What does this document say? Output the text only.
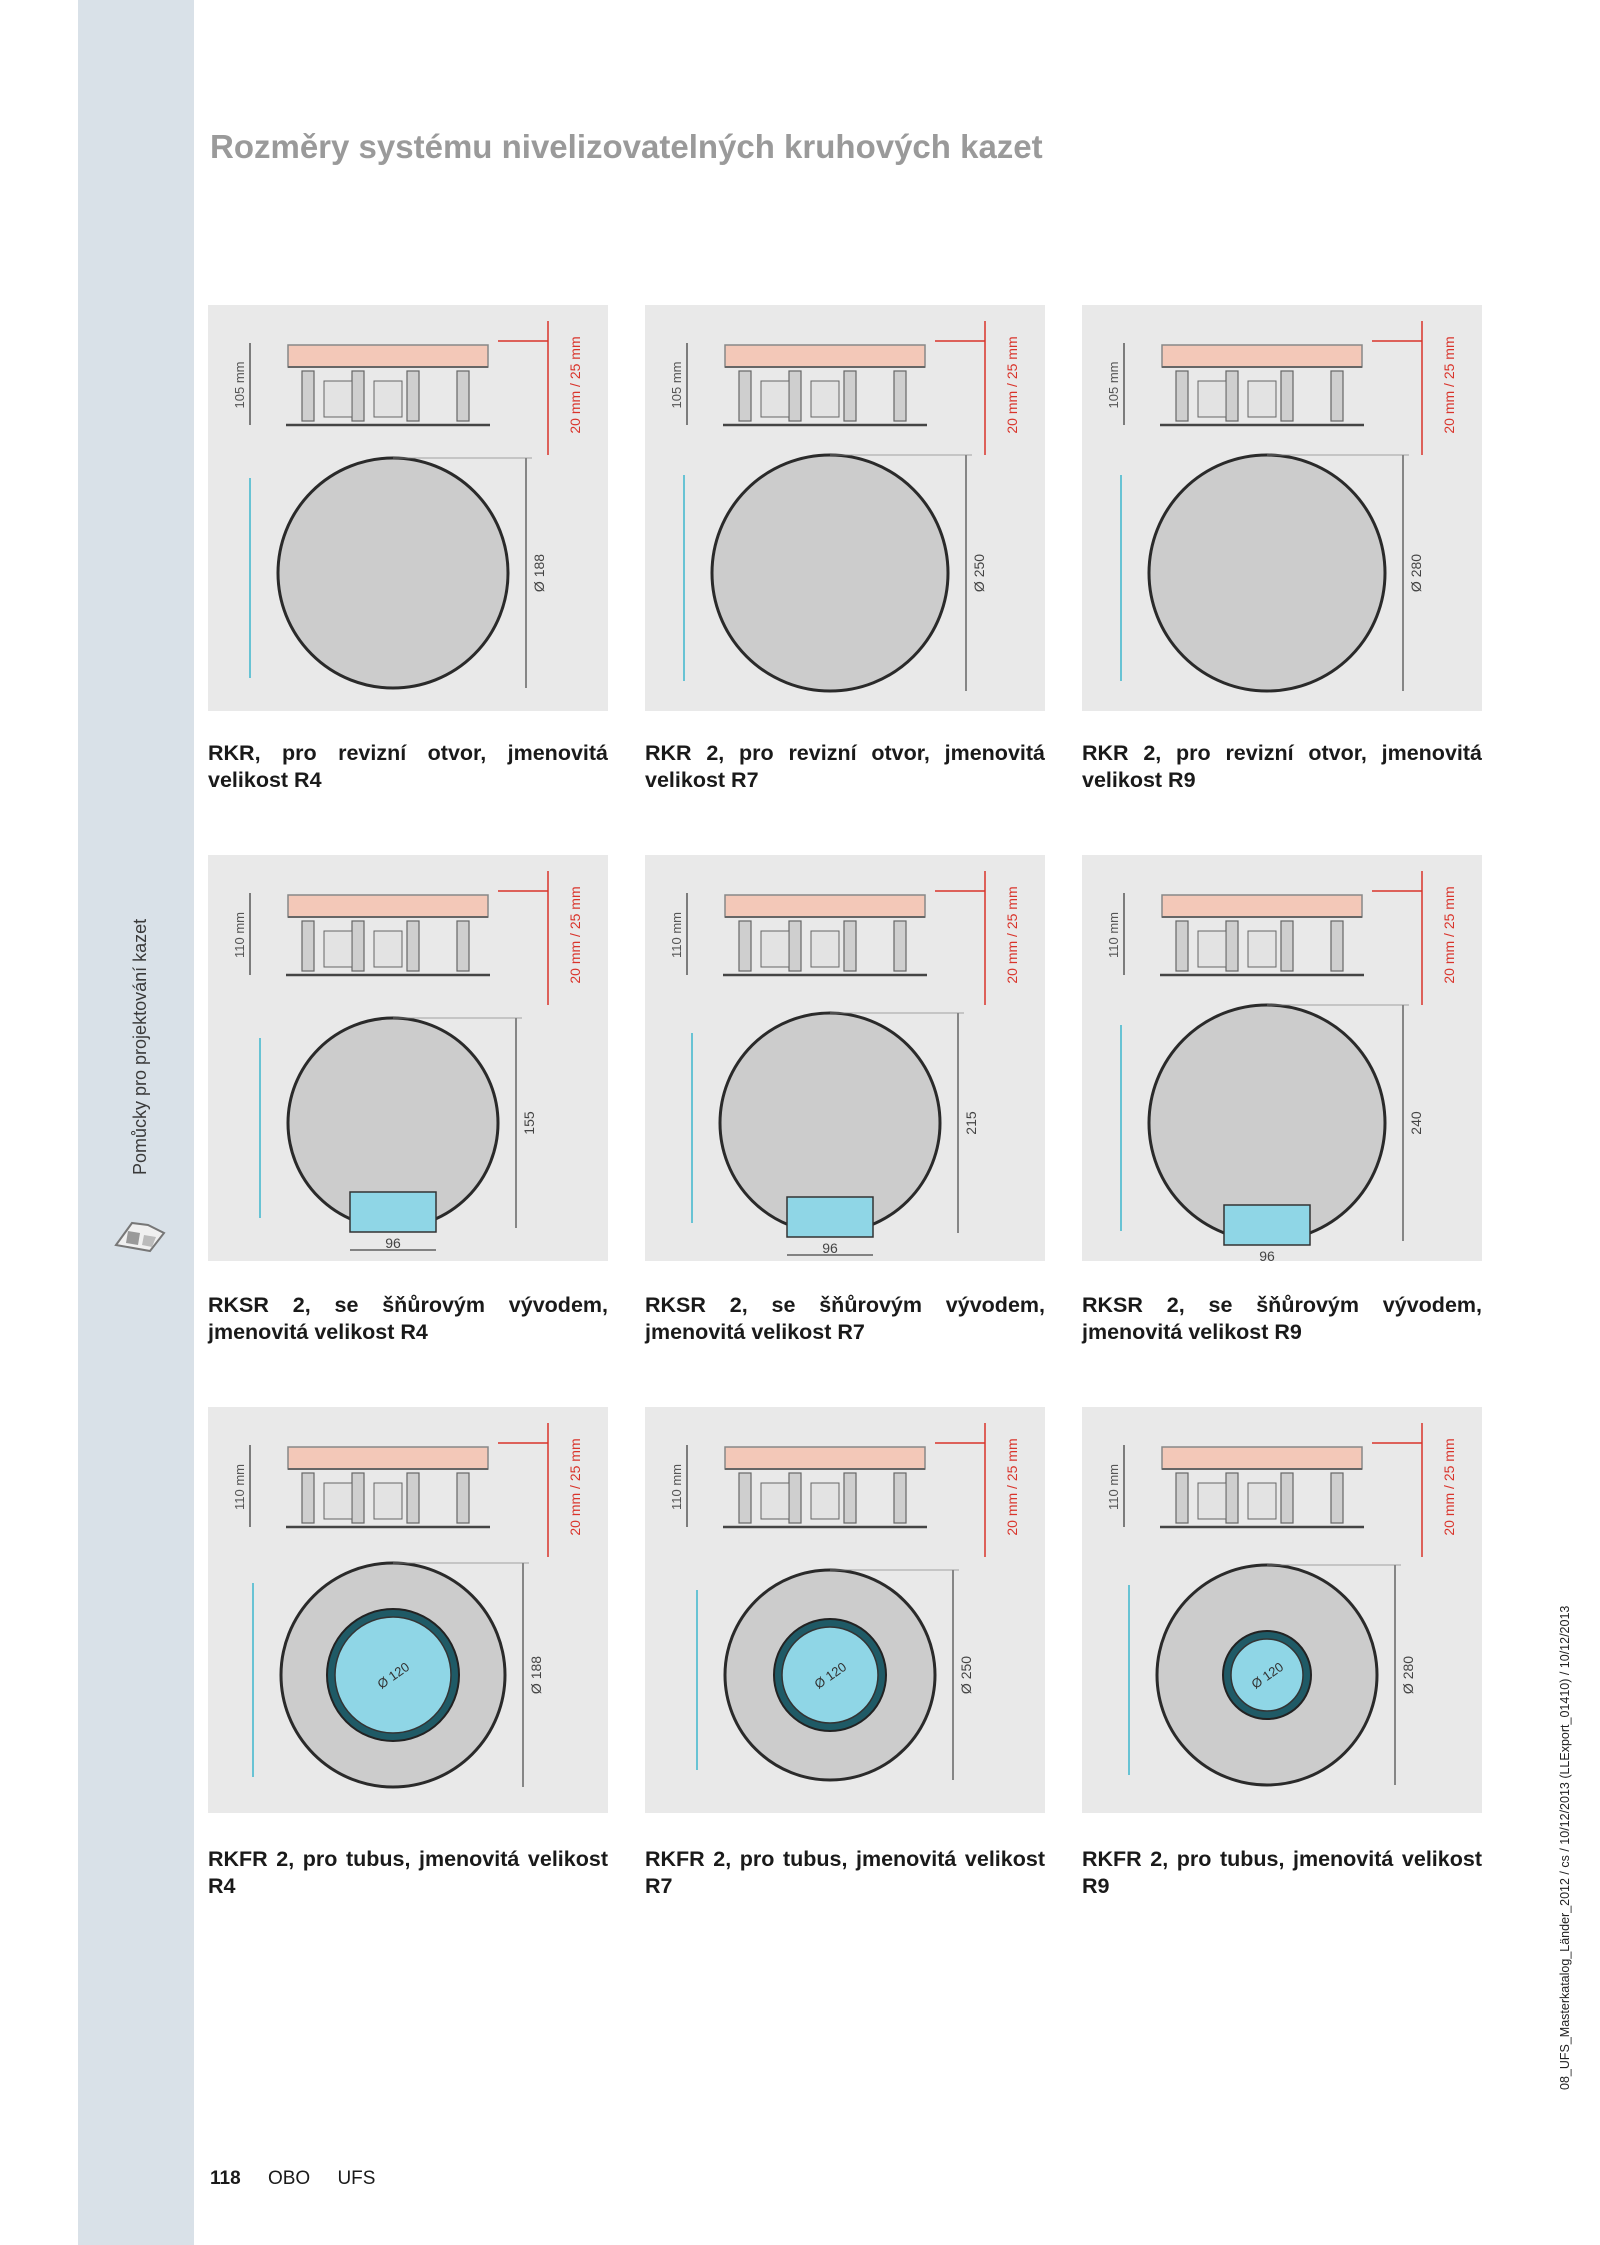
Pomůcky pro projektování kazet
Rozměry systému nivelizovatelných kruhových kazet
105 mm	20 mm / 25 mm
Ø 188
105 mm	20 mm / 25 mm
Ø 250
105 mm	20 mm / 25 mm
Ø 280

RKR, pro revizní otvor, jmenovitá velikost R4

RKR 2, pro revizní otvor, jmenovitá velikost R7

RKR 2, pro revizní otvor, jmenovitá velikost R9

110 mm	20 mm / 25 mm
155
96
110 mm	20 mm / 25 mm
215
96
110 mm	20 mm / 25 mm
240
96

RKSR 2, se šňůrovým vývodem, jmenovitá velikost R4

RKSR 2, se šňůrovým vývodem, jmenovitá velikost R7

RKSR 2, se šňůrovým vývodem, jmenovitá velikost R9

110 mm	20 mm / 25 mm
Ø 188
Ø 120
110 mm	20 mm / 25 mm
Ø 250
Ø 120
110 mm	20 mm / 25 mm
Ø 280
Ø 120

RKFR 2, pro tubus, jmenovitá velikost R4

RKFR 2, pro tubus, jmenovitá velikost R7

RKFR 2, pro tubus, jmenovitá velikost R9

118 OBO UFS
08_UFS_Masterkatalog_Länder_2012 / cs / 10/12/2013 (LLExport_01410) / 10/12/2013
